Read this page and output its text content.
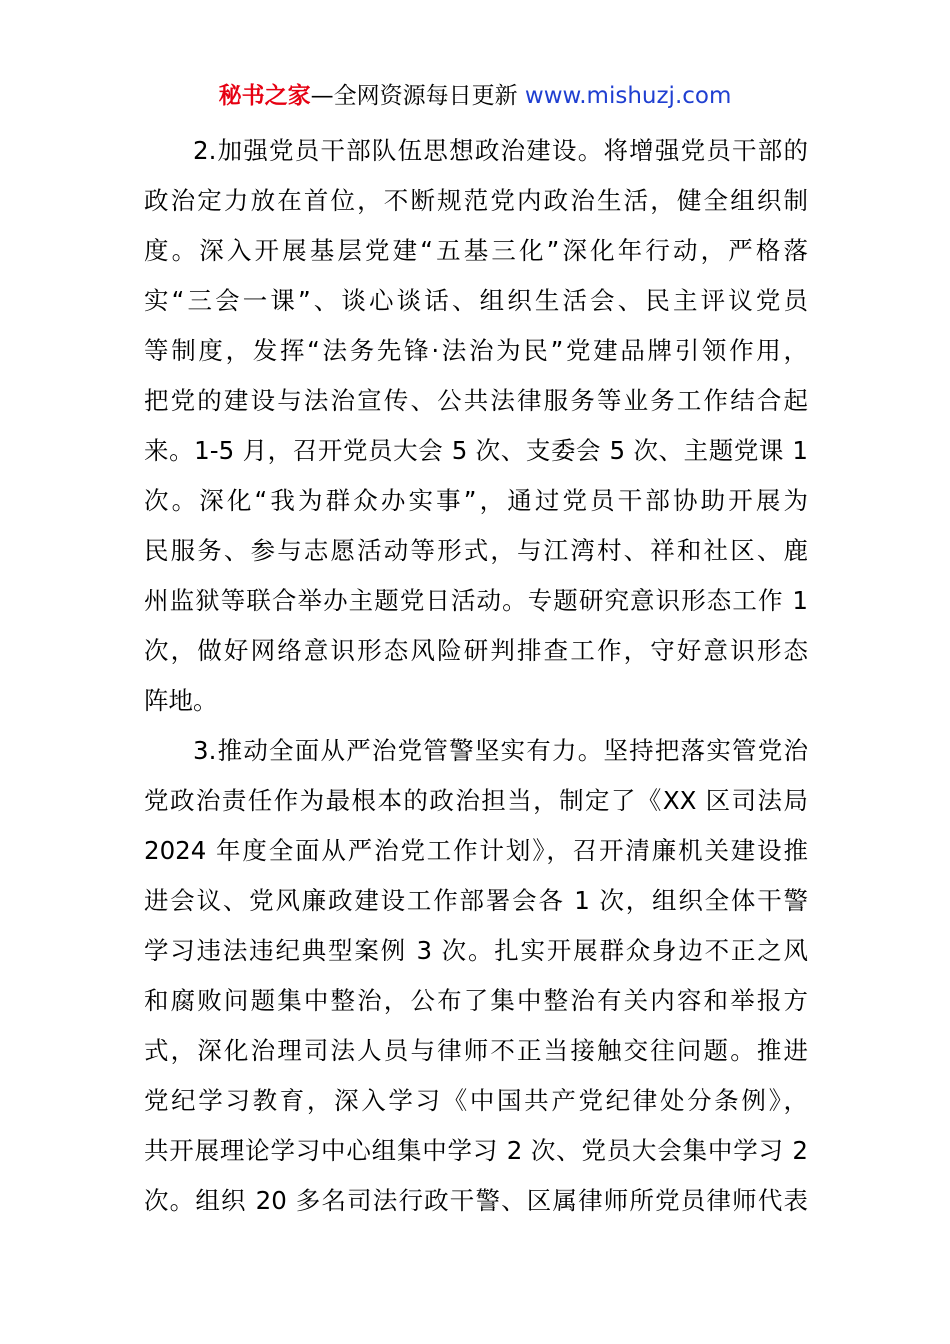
秘书之家—全网资源每日更新 www.mishuzj.com
2.加强党员干部队伍思想政治建设。将增强党员干部的
政治定力放在首位，不断规范党内政治生活，健全组织制
度。深入开展基层党建“五基三化”深化年行动，严格落
实“三会一课”、谈心谈话、组织生活会、民主评议党员
等制度，发挥“法务先锋·法治为民”党建品牌引领作用，
把党的建设与法治宣传、公共法律服务等业务工作结合起
来。1-5 月，召开党员大会 5 次、支委会 5 次、主题党课 1
次。深化“我为群众办实事”，通过党员干部协助开展为
民服务、参与志愿活动等形式，与江湾村、祥和社区、鹿
州监狱等联合举办主题党日活动。专题研究意识形态工作 1
次，做好网络意识形态风险研判排查工作，守好意识形态
阵地。
3.推动全面从严治党管警坚实有力。坚持把落实管党治
党政治责任作为最根本的政治担当，制定了《XX 区司法局
2024 年度全面从严治党工作计划》，召开清廉机关建设推
进会议、党风廉政建设工作部署会各 1 次，组织全体干警
学习违法违纪典型案例 3 次。扎实开展群众身边不正之风
和腐败问题集中整治，公布了集中整治有关内容和举报方
式，深化治理司法人员与律师不正当接触交往问题。推进
党纪学习教育，深入学习《中国共产党纪律处分条例》，
共开展理论学习中心组集中学习 2 次、党员大会集中学习 2
次。组织 20 多名司法行政干警、区属律师所党员律师代表
